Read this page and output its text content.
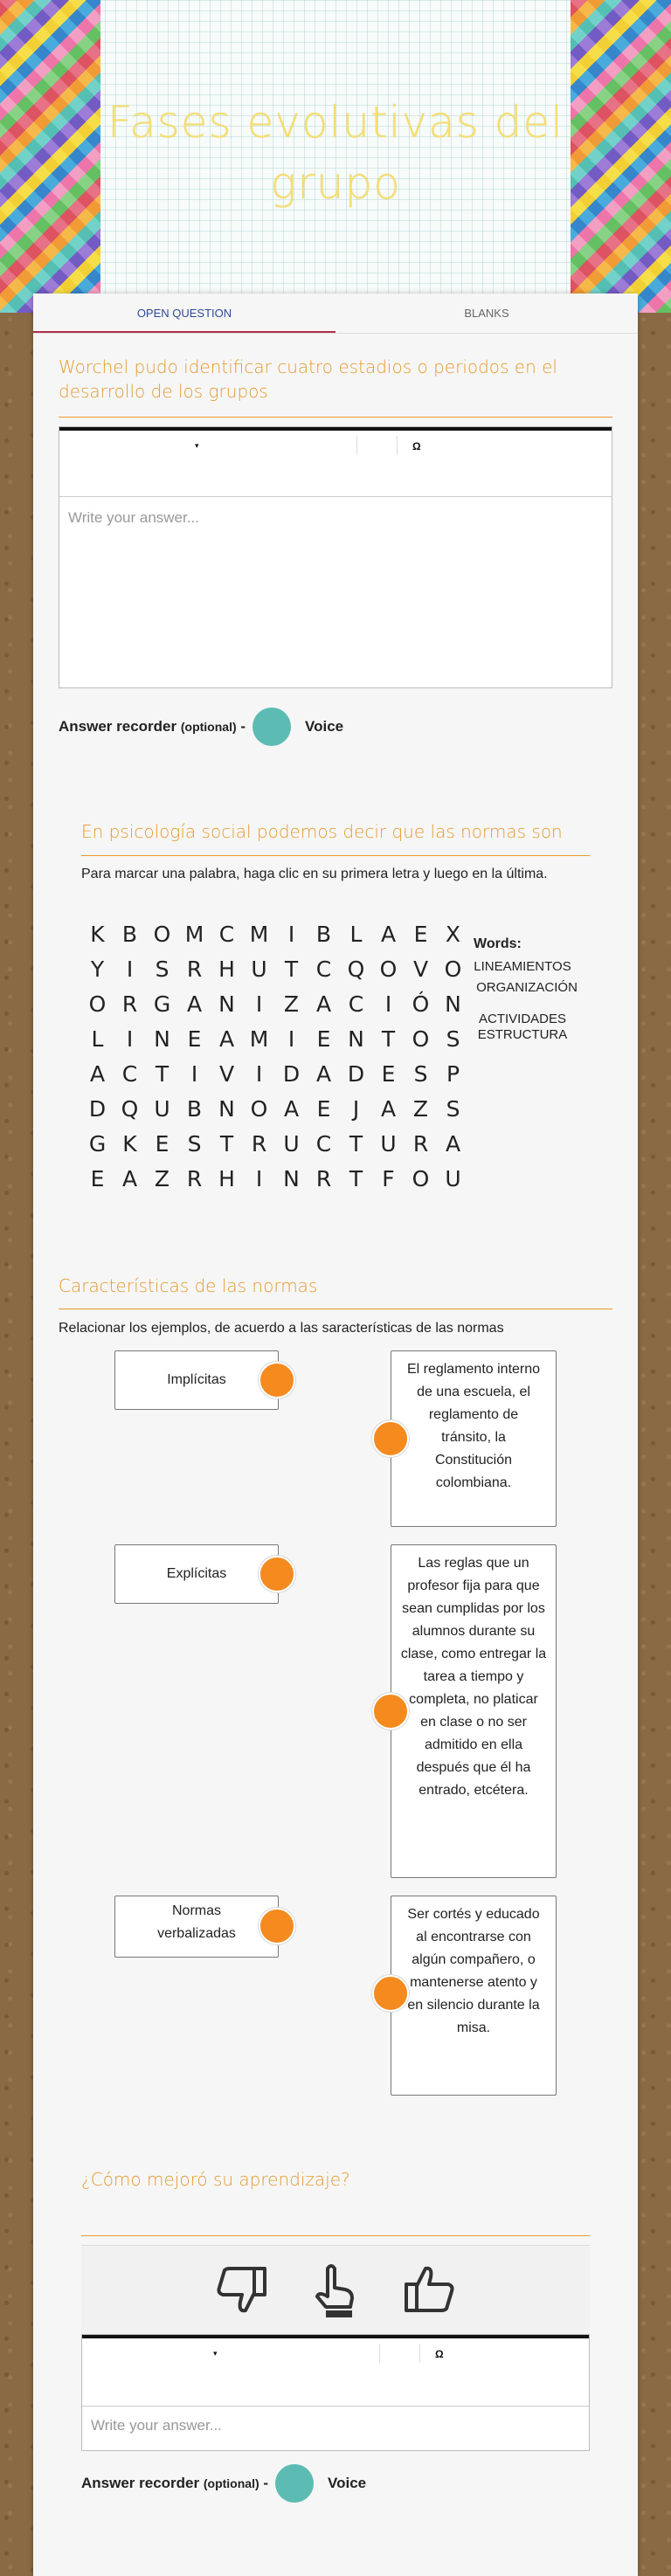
Fases evolutivas del grupo
OPEN QUESTION	BLANKS
Worchel pudo identificar cuatro estadios o periodos en el desarrollo de los grupos
▾	Ω
Write your answer...
Answer recorder
(optional)
-	Voice
En psicología social podemos decir que las normas son
Para marcar una palabra, haga clic en su primera letra y luego en la última.
K B O M C M I B L A E X
Y	I	S R H U T C Q O V O
O R G A N I Z A C I Ó N
L	I N E A M I	E N T O S
A C T	I V I D A D E S P
D Q U B N O A E	J A Z S
G K E S T R U C T U R A
E A Z R H I N R T F O U
Words:
LINEAMIENTOS
ORGANIZACIÓN
ACTIVIDADES
ESTRUCTURA
Características de las normas
Relacionar los ejemplos, de acuerdo a las saracterísticas de las normas
Implícitas
Explícitas
Normas verbalizadas
El reglamento interno de una escuela, el reglamento de tránsito, la Constitución colombiana.
Las reglas que un profesor fija para que sean cumplidas por los alumnos durante su clase, como entregar la tarea a tiempo y completa, no platicar en clase o no ser admitido en ella después que él ha entrado, etcétera.
Ser cortés y educado al encontrarse con algún compañero, o mantenerse atento y en silencio durante la misa.
¿Cómo mejoró su aprendizaje?
▾	Ω
Write your answer...
Answer recorder
(optional)
-	Voice
